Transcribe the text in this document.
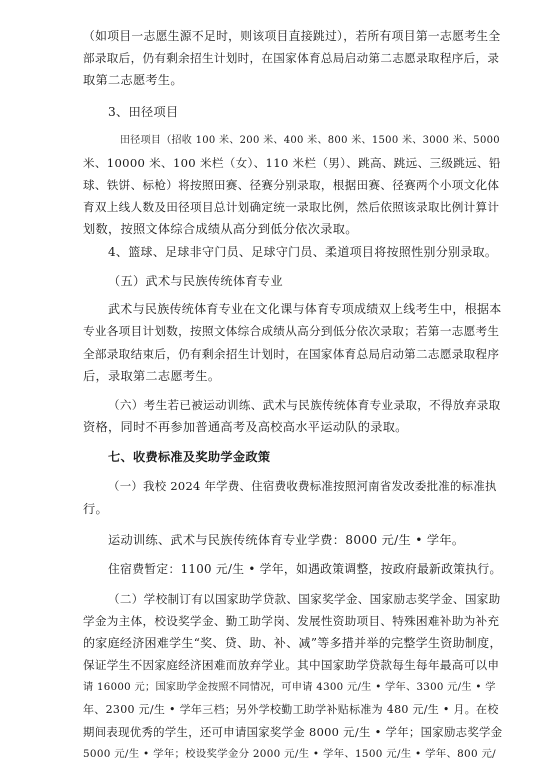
（如项目一志愿生源不足时，则该项目直接跳过），若所有项目第一志愿考生全
部录取后，仍有剩余招生计划时，在国家体育总局启动第二志愿录取程序后，录
取第二志愿考生。
3、田径项目
田径项目（招收 100 米、200 米、400 米、800 米、1500 米、3000 米、5000
米、10000 米、100 米栏（女）、110 米栏（男）、跳高、跳远、三级跳远、铅
球、铁饼、标枪）将按照田赛、径赛分别录取，根据田赛、径赛两个小项文化体
育双上线人数及田径项目总计划确定统一录取比例，然后依照该录取比例计算计
划数，按照文体综合成绩从高分到低分依次录取。
4、篮球、足球非守门员、足球守门员、柔道项目将按照性别分别录取。
（五）武术与民族传统体育专业
武术与民族传统体育专业在文化课与体育专项成绩双上线考生中，根据本
专业各项目计划数，按照文体综合成绩从高分到低分依次录取；若第一志愿考生
全部录取结束后，仍有剩余招生计划时，在国家体育总局启动第二志愿录取程序
后，录取第二志愿考生。
（六）考生若已被运动训练、武术与民族传统体育专业录取，不得放弃录取
资格，同时不再参加普通高考及高校高水平运动队的录取。
七、收费标准及奖助学金政策
（一）我校 2024 年学费、住宿费收费标准按照河南省发改委批准的标准执
行。
运动训练、武术与民族传统体育专业学费：8000 元/生 • 学年。
住宿费暂定：1100 元/生 • 学年，如遇政策调整，按政府最新政策执行。
（二）学校制订有以国家助学贷款、国家奖学金、国家励志奖学金、国家助
学金为主体，校设奖学金、勤工助学岗、发展性资助项目、特殊困难补助为补充
的家庭经济困难学生“奖、贷、助、补、减”等多措并举的完整学生资助制度，
保证学生不因家庭经济困难而放弃学业。其中国家助学贷款每生每年最高可以申
请 16000 元；国家助学金按照不同情况，可申请 4300 元/生 • 学年、3300 元/生 • 学
年、2300 元/生 • 学年三档；另外学校勤工助学补贴标准为 480 元/生 • 月。在校
期间表现优秀的学生，还可申请国家奖学金 8000 元/生 • 学年；国家励志奖学金
5000 元/生 • 学年；校设奖学金分 2000 元/生 • 学年、1500 元/生 • 学年、800 元/
